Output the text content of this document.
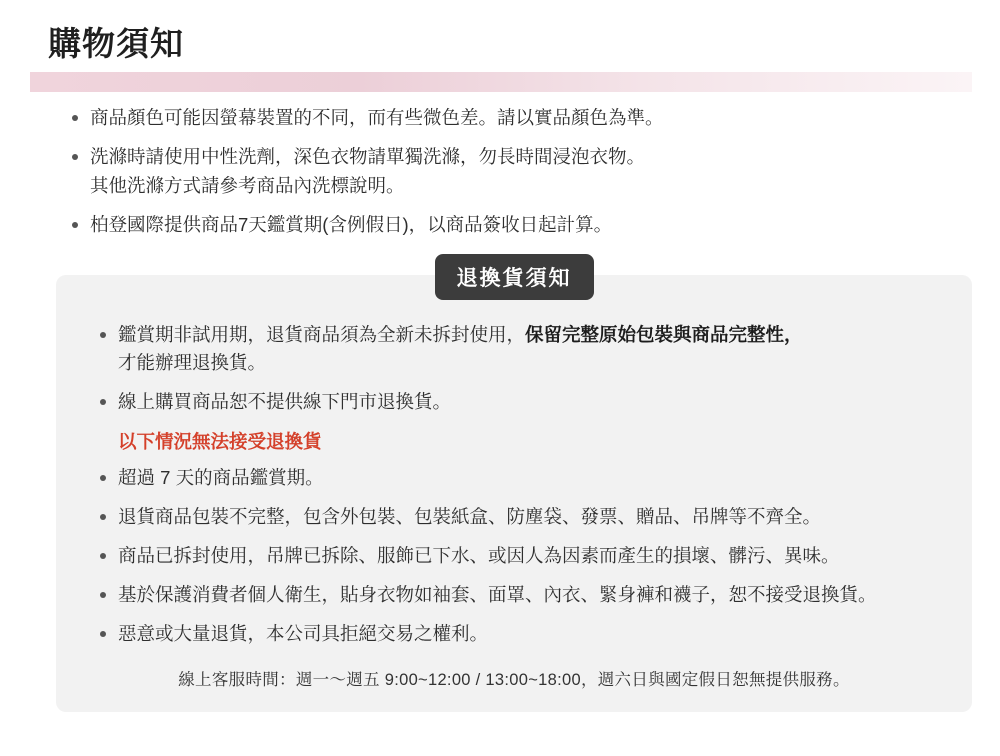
購物須知
商品顏色可能因螢幕裝置的不同，而有些微色差。請以實品顏色為準。
洗滌時請使用中性洗劑，深色衣物請單獨洗滌，勿長時間浸泡衣物。
其他洗滌方式請參考商品內洗標說明。
柏登國際提供商品7天鑑賞期(含例假日)，以商品簽收日起計算。
退換貨須知
鑑賞期非試用期，退貨商品須為全新未拆封使用，保留完整原始包裝與商品完整性，
才能辦理退換貨。
線上購買商品恕不提供線下門市退換貨。
以下情況無法接受退換貨
超過 7 天的商品鑑賞期。
退貨商品包裝不完整，包含外包裝、包裝紙盒、防塵袋、發票、贈品、吊牌等不齊全。
商品已拆封使用，吊牌已拆除、服飾已下水、或因人為因素而產生的損壞、髒污、異味。
基於保護消費者個人衛生，貼身衣物如袖套、面罩、內衣、緊身褲和襪子，恕不接受退換貨。
惡意或大量退貨，本公司具拒絕交易之權利。
線上客服時間：週一～週五 9:00~12:00 / 13:00~18:00，週六日與國定假日恕無提供服務。
